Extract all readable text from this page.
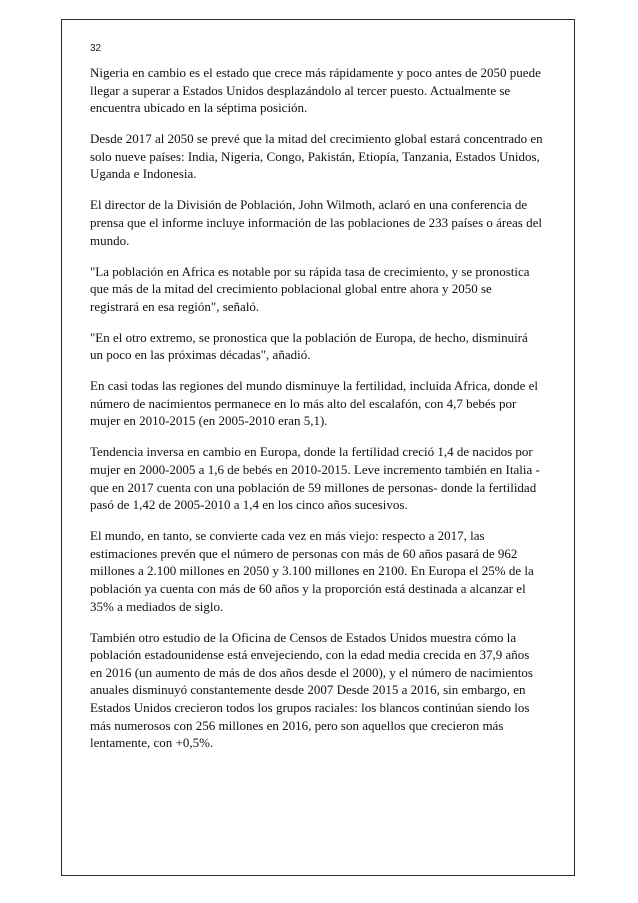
32

Nigeria en cambio es el estado que crece más rápidamente y poco antes de 2050 puede llegar a superar a Estados Unidos desplazándolo al tercer puesto. Actualmente se encuentra ubicado en la séptima posición.

Desde 2017 al 2050 se prevé que la mitad del crecimiento global estará concentrado en solo nueve países: India, Nigeria, Congo, Pakistán, Etiopía, Tanzania, Estados Unidos, Uganda e Indonesia.

El director de la División de Población, John Wilmoth, aclaró en una conferencia de prensa que el informe incluye información de las poblaciones de 233 países o áreas del mundo.

"La población en Africa es notable por su rápida tasa de crecimiento, y se pronostica que más de la mitad del crecimiento poblacional global entre ahora y 2050 se registrará en esa región", señaló.

"En el otro extremo, se pronostica que la población de Europa, de hecho, disminuirá un poco en las próximas décadas", añadió.

En casi todas las regiones del mundo disminuye la fertilidad, incluida Africa, donde el número de nacimientos permanece en lo más alto del escalafón, con 4,7 bebés por mujer en 2010-2015 (en 2005-2010 eran 5,1).

Tendencia inversa en cambio en Europa, donde la fertilidad creció 1,4 de nacidos por mujer en 2000-2005 a 1,6 de bebés en 2010-2015. Leve incremento también en Italia -que en 2017 cuenta con una población de 59 millones de personas- donde la fertilidad pasó de 1,42 de 2005-2010 a 1,4 en los cinco años sucesivos.

El mundo, en tanto, se convierte cada vez en más viejo: respecto a 2017, las estimaciones prevén que el número de personas con más de 60 años pasará de 962 millones a 2.100 millones en 2050 y 3.100 millones en 2100. En Europa el 25% de la población ya cuenta con más de 60 años y la proporción está destinada a alcanzar el 35% a mediados de siglo.

También otro estudio de la Oficina de Censos de Estados Unidos muestra cómo la población estadounidense está envejeciendo, con la edad media crecida en 37,9 años en 2016 (un aumento de más de dos años desde el 2000), y el número de nacimientos anuales disminuyó constantemente desde 2007 Desde 2015 a 2016, sin embargo, en Estados Unidos crecieron todos los grupos raciales: los blancos continúan siendo los más numerosos con 256 millones en 2016, pero son aquellos que crecieron más lentamente, con +0,5%.
